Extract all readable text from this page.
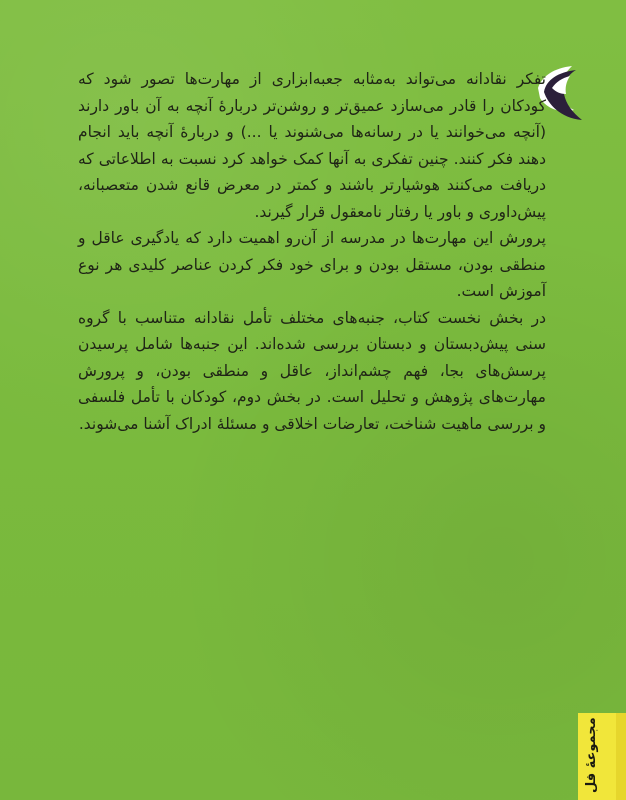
تفکر نقادانه می‌تواند به‌مثابه جعبه‌ابزاری از مهارت‌ها تصور شود که کودکان را قادر می‌سازد عمیق‌تر و روشن‌تر دربارهٔ آنچه به آن باور دارند (آنچه می‌خوانند یا در رسانه‌ها می‌شنوند یا ...) و دربارهٔ آنچه باید انجام دهند فکر کنند. چنین تفکری به آنها کمک خواهد کرد نسبت به اطلاعاتی که دریافت می‌کنند هوشیارتر باشند و کمتر در معرض قانع شدن متعصبانه، پیش‌داوری و باور یا رفتار نامعقول قرار گیرند.

پرورش این مهارت‌ها در مدرسه از آن‌رو اهمیت دارد که یادگیری عاقل و منطقی بودن، مستقل بودن و برای خود فکر کردن عناصر کلیدی هر نوع آموزش است.

در بخش نخست کتاب، جنبه‌های مختلف تأمل نقادانه متناسب با گروه سنی پیش‌دبستان و دبستان بررسی شده‌اند. این جنبه‌ها شامل پرسیدن پرسش‌های بجا، فهم چشم‌انداز، عاقل و منطقی بودن، و پرورش مهارت‌های پژوهش و تحلیل است. در بخش دوم، کودکان با تأمل فلسفی و بررسی ماهیت شناخت، تعارضات اخلاقی و مسئلهٔ ادراک آشنا می‌شوند.

مجموعهٔ فل
